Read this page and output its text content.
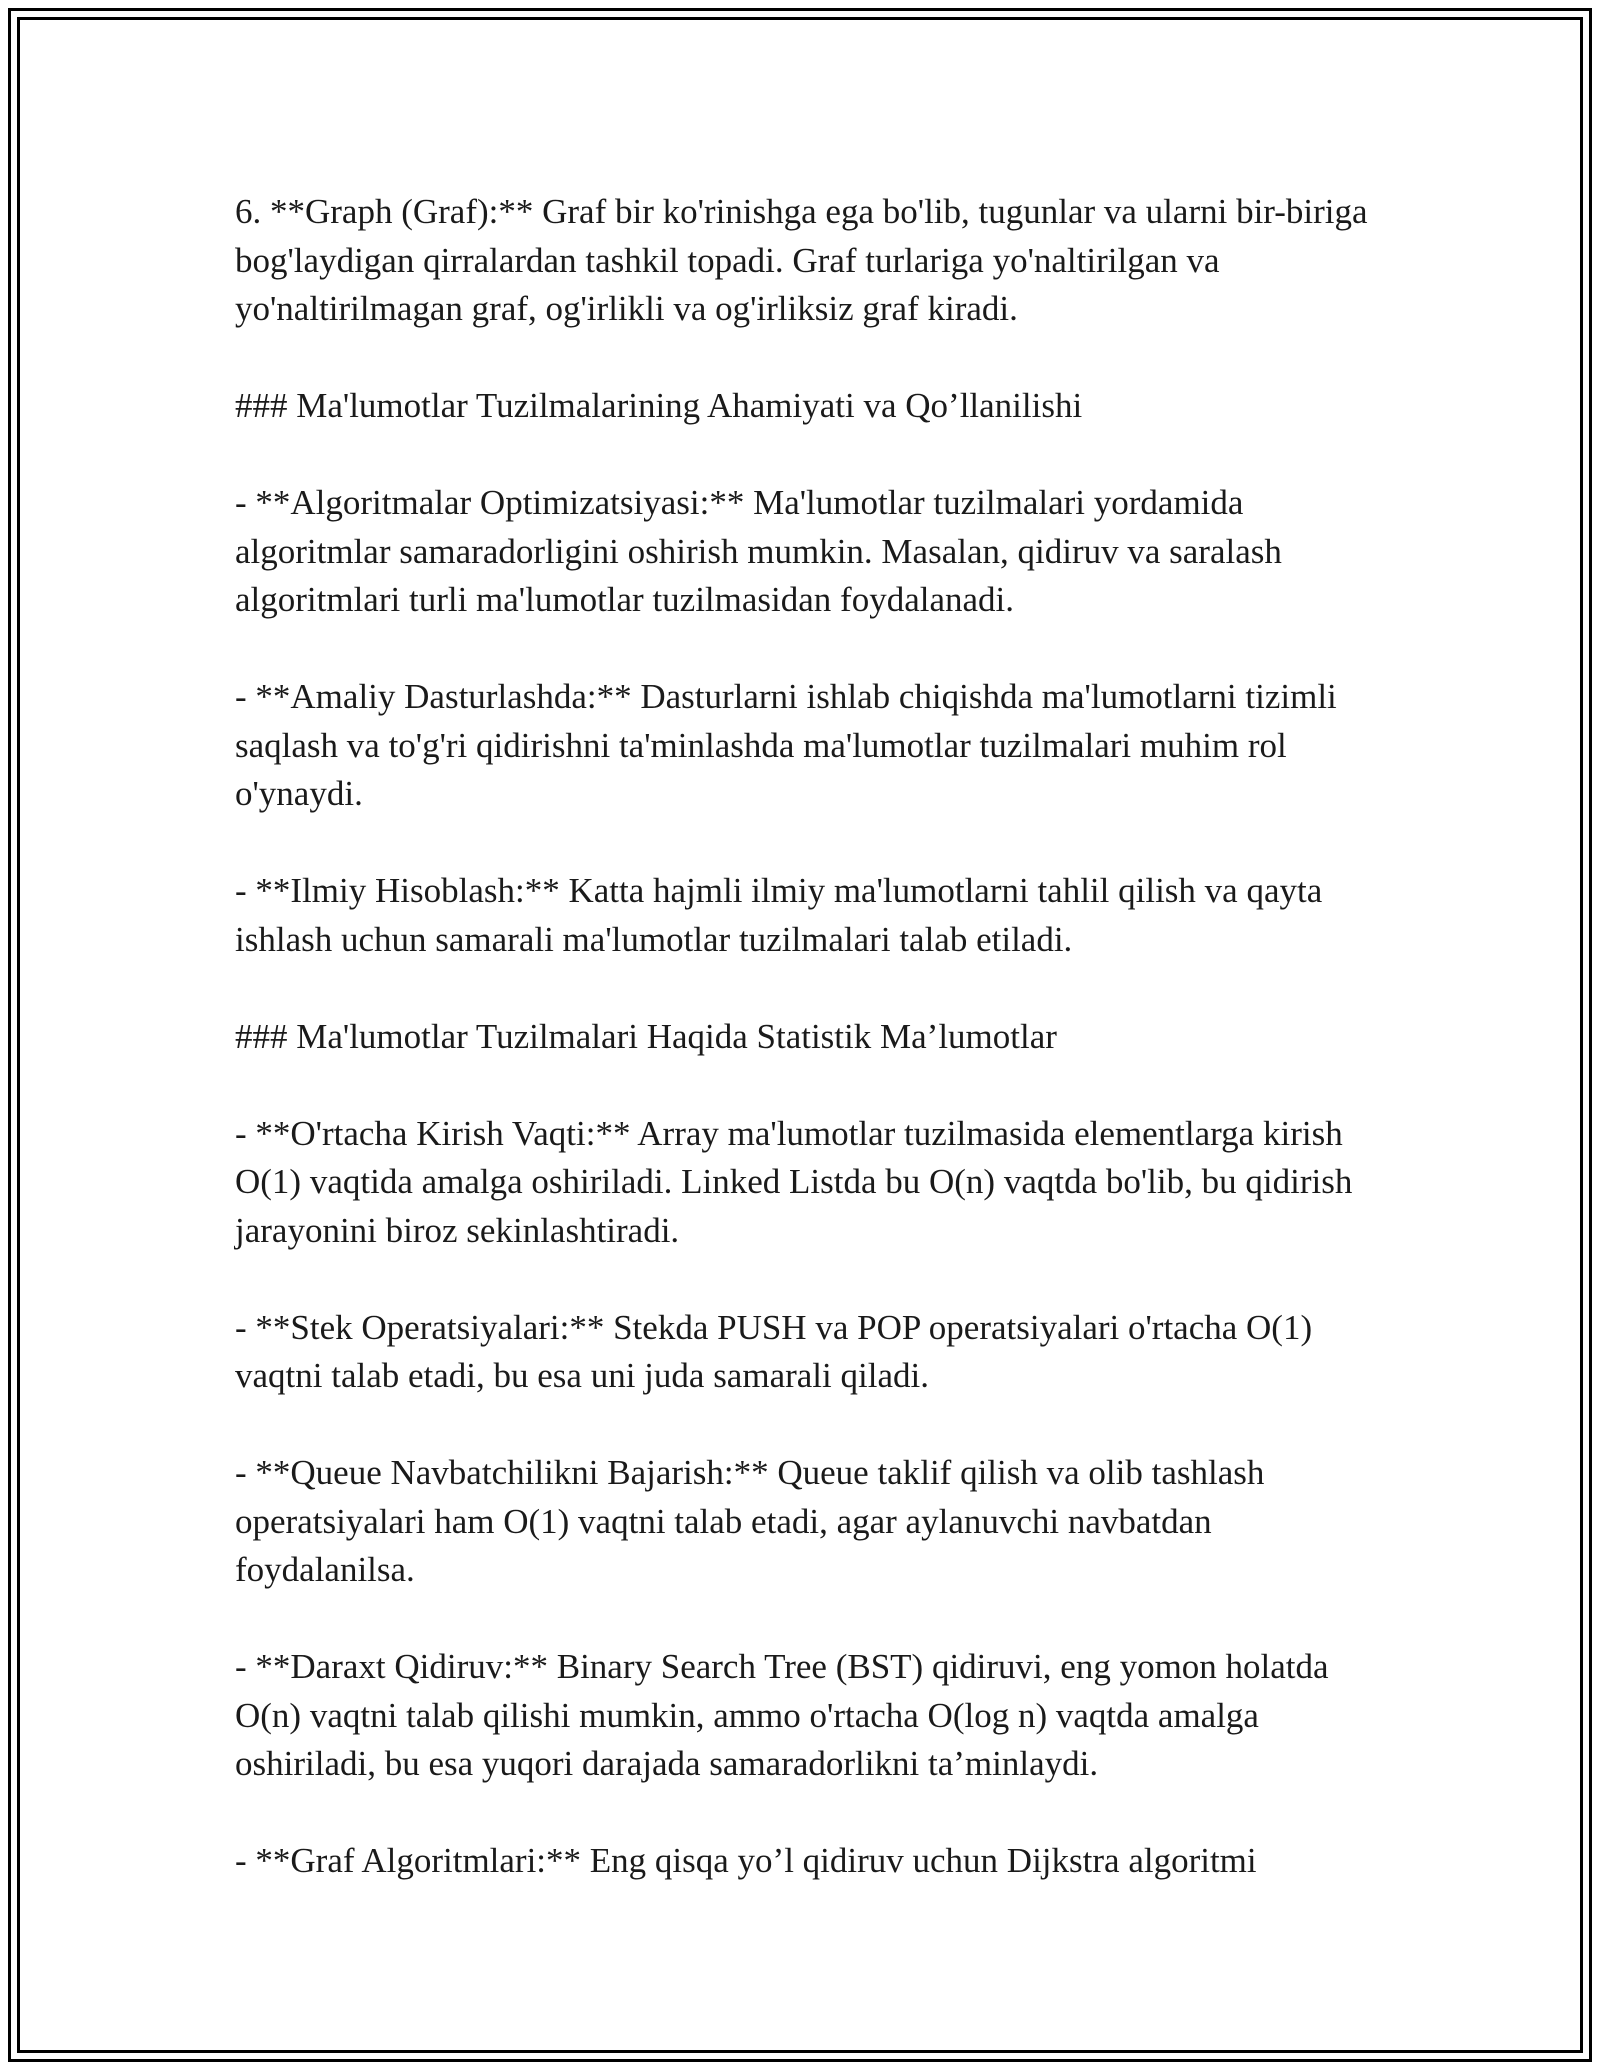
6. **Graph (Graf):** Graf bir ko'rinishga ega bo'lib, tugunlar va ularni bir-biriga bog'laydigan qirralardan tashkil topadi. Graf turlariga yo'naltirilgan va yo'naltirilmagan graf, og'irlikli va og'irliksiz graf kiradi.

### Ma'lumotlar Tuzilmalarining Ahamiyati va Qo’llanilishi

- **Algoritmalar Optimizatsiyasi:** Ma'lumotlar tuzilmalari yordamida algoritmlar samaradorligini oshirish mumkin. Masalan, qidiruv va saralash algoritmlari turli ma'lumotlar tuzilmasidan foydalanadi.

- **Amaliy Dasturlashda:** Dasturlarni ishlab chiqishda ma'lumotlarni tizimli saqlash va to'g'ri qidirishni ta'minlashda ma'lumotlar tuzilmalari muhim rol o'ynaydi.

- **Ilmiy Hisoblash:** Katta hajmli ilmiy ma'lumotlarni tahlil qilish va qayta ishlash uchun samarali ma'lumotlar tuzilmalari talab etiladi.

### Ma'lumotlar Tuzilmalari Haqida Statistik Ma’lumotlar

- **O'rtacha Kirish Vaqti:** Array ma'lumotlar tuzilmasida elementlarga kirish O(1) vaqtida amalga oshiriladi. Linked Listda bu O(n) vaqtda bo'lib, bu qidirish jarayonini biroz sekinlashtiradi.

- **Stek Operatsiyalari:** Stekda PUSH va POP operatsiyalari o'rtacha O(1) vaqtni talab etadi, bu esa uni juda samarali qiladi.

- **Queue Navbatchilikni Bajarish:** Queue taklif qilish va olib tashlash operatsiyalari ham O(1) vaqtni talab etadi, agar aylanuvchi navbatdan foydalanilsa.

- **Daraxt Qidiruv:** Binary Search Tree (BST) qidiruvi, eng yomon holatda O(n) vaqtni talab qilishi mumkin, ammo o'rtacha O(log n) vaqtda amalga oshiriladi, bu esa yuqori darajada samaradorlikni ta’minlaydi.

- **Graf Algoritmlari:** Eng qisqa yo’l qidiruv uchun Dijkstra algoritmi
